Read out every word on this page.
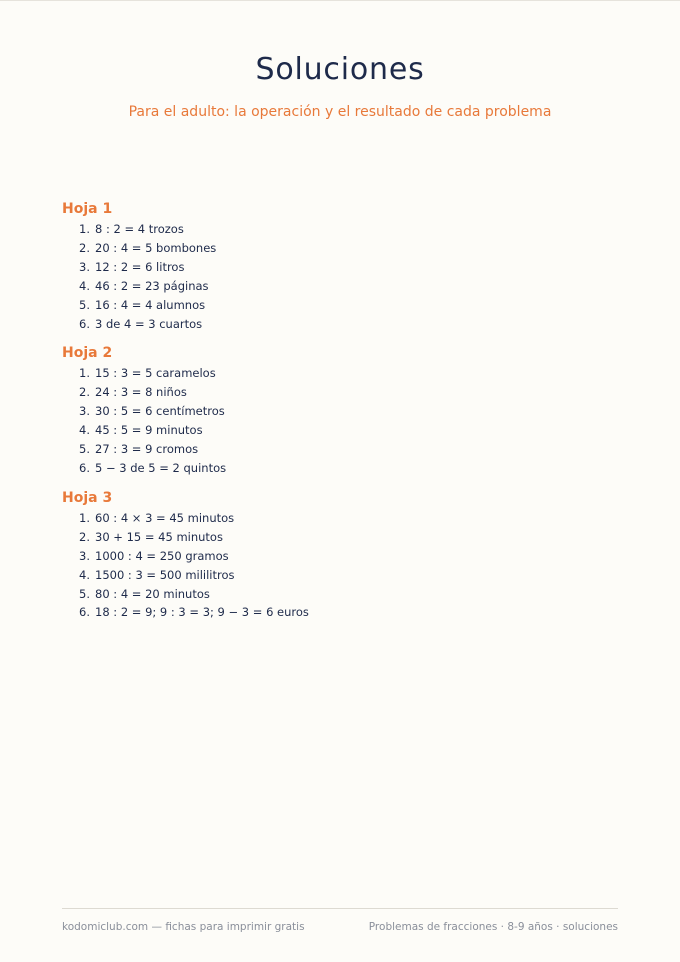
Soluciones

Para el adulto: la operación y el resultado de cada problema

Hoja 1
1. 8 : 2 = 4 trozos
2. 20 : 4 = 5 bombones
3. 12 : 2 = 6 litros
4. 46 : 2 = 23 páginas
5. 16 : 4 = 4 alumnos
6. 3 de 4 = 3 cuartos
Hoja 2
1. 15 : 3 = 5 caramelos
2. 24 : 3 = 8 niños
3. 30 : 5 = 6 centímetros
4. 45 : 5 = 9 minutos
5. 27 : 3 = 9 cromos
6. 5 − 3 de 5 = 2 quintos
Hoja 3
1. 60 : 4 × 3 = 45 minutos
2. 30 + 15 = 45 minutos
3. 1000 : 4 = 250 gramos
4. 1500 : 3 = 500 mililitros
5. 80 : 4 = 20 minutos
6. 18 : 2 = 9; 9 : 3 = 3; 9 − 3 = 6 euros
kodomiclub.com — fichas para imprimir gratis	Problemas de fracciones · 8-9 años · soluciones
